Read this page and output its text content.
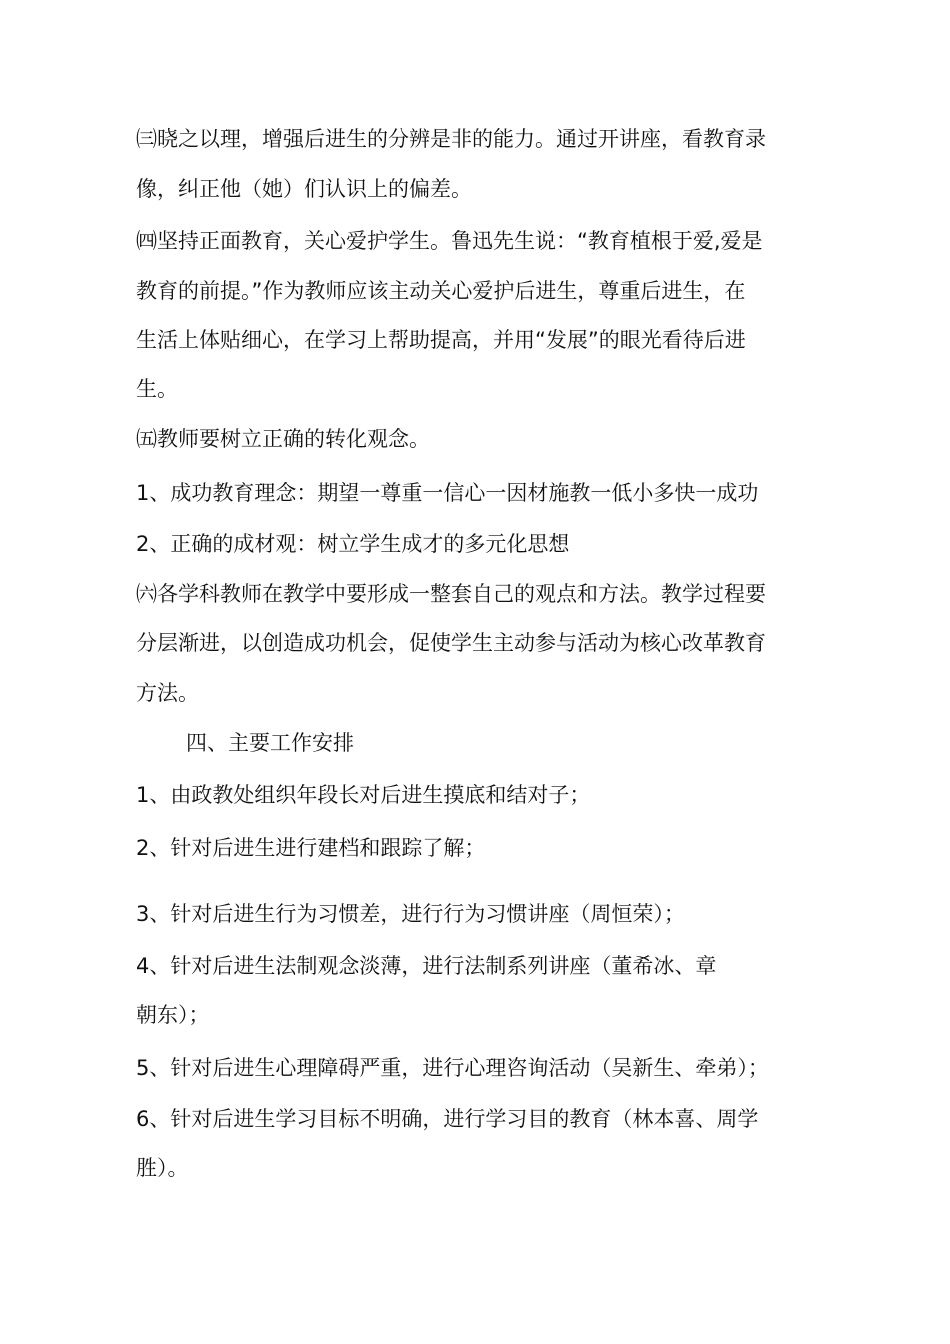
㈢晓之以理，增强后进生的分辨是非的能力。通过开讲座，看教育录
像，纠正他（她）们认识上的偏差。
㈣坚持正面教育，关心爱护学生。鲁迅先生说：“教育植根于爱,爱是
教育的前提。”作为教师应该主动关心爱护后进生，尊重后进生，在
生活上体贴细心，在学习上帮助提高，并用“发展”的眼光看待后进
生。
㈤教师要树立正确的转化观念。
1、成功教育理念：期望一尊重一信心一因材施教一低小多快一成功
2、正确的成材观：树立学生成才的多元化思想
㈥各学科教师在教学中要形成一整套自己的观点和方法。教学过程要
分层渐进，以创造成功机会，促使学生主动参与活动为核心改革教育
方法。
四、主要工作安排
1、由政教处组织年段长对后进生摸底和结对子；
2、针对后进生进行建档和跟踪了解；
3、针对后进生行为习惯差，进行行为习惯讲座（周恒荣）；
4、针对后进生法制观念淡薄，进行法制系列讲座（董希冰、章
朝东）；
5、针对后进生心理障碍严重，进行心理咨询活动（吴新生、牵弟）；
6、针对后进生学习目标不明确，进行学习目的教育（林本喜、周学
胜）。
